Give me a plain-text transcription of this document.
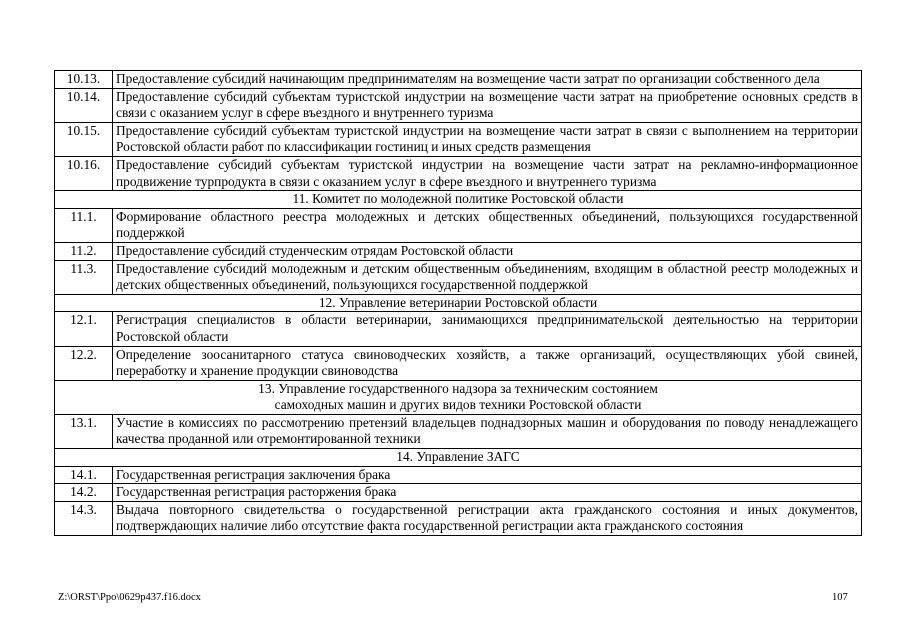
10.13.	Предоставление субсидий начинающим предпринимателям на возмещение части затрат по организации собственного дела
10.14.	Предоставление субсидий субъектам туристской индустрии на возмещение части затрат на приобретение основных средств в связи с оказанием услуг в сфере въездного и внутреннего туризма
10.15.	Предоставление субсидий субъектам туристской индустрии на возмещение части затрат в связи с выполнением на территории Ростовской области работ по классификации гостиниц и иных средств размещения
10.16.	Предоставление субсидий субъектам туристской индустрии на возмещение части затрат на рекламно-информационное продвижение турпродукта в связи с оказанием услуг в сфере въездного и внутреннего туризма
11. Комитет по молодежной политике Ростовской области	
11.1.	Формирование областного реестра молодежных и детских общественных объединений, пользующихся государственной поддержкой
11.2.	Предоставление субсидий студенческим отрядам Ростовской области
11.3.	Предоставление субсидий молодежным и детским общественным объединениям, входящим в областной реестр молодежных и детских общественных объединений, пользующихся государственной поддержкой
12. Управление ветеринарии Ростовской области	
12.1.	Регистрация специалистов в области ветеринарии, занимающихся предпринимательской деятельностью на территории Ростовской области
12.2.	Определение зоосанитарного статуса свиноводческих хозяйств, а также организаций, осуществляющих убой свиней, переработку и хранение продукции свиноводства

13. Управление государственного надзора за техническим состоянием
самоходных машин и других видов техники Ростовской области	

13.1.	Участие в комиссиях по рассмотрению претензий владельцев поднадзорных машин и оборудования по поводу ненадлежащего качества проданной или отремонтированной техники
14. Управление ЗАГС	
14.1.	Государственная регистрация заключения брака
14.2.	Государственная регистрация расторжения брака
14.3.	Выдача повторного свидетельства о государственной регистрации акта гражданского состояния и иных документов, подтверждающих наличие либо отсутствие факта государственной регистрации акта гражданского состояния
Z:\ORST\Ppo\0629p437.f16.docx	107
